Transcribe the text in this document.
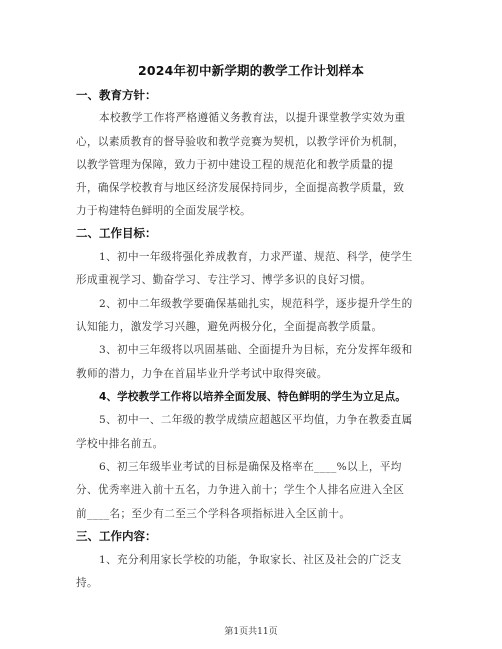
2024年初中新学期的教学工作计划样本
一、教育方针：
本校教学工作将严格遵循义务教育法，以提升课堂教学实效为重
心，以素质教育的督导验收和教学竞赛为契机，以教学评价为机制，
以教学管理为保障，致力于初中建设工程的规范化和教学质量的提
升，确保学校教育与地区经济发展保持同步，全面提高教学质量，致
力于构建特色鲜明的全面发展学校。
二、工作目标：
1、初中一年级将强化养成教育，力求严谨、规范、科学，使学生
形成重视学习、勤奋学习、专注学习、博学多识的良好习惯。
2、初中二年级教学要确保基础扎实，规范科学，逐步提升学生的
认知能力，激发学习兴趣，避免两极分化，全面提高教学质量。
3、初中三年级将以巩固基础、全面提升为目标，充分发挥年级和
教师的潜力，力争在首届毕业升学考试中取得突破。
4、学校教学工作将以培养全面发展、特色鲜明的学生为立足点。
5、初中一、二年级的教学成绩应超越区平均值，力争在教委直属
学校中排名前五。
6、初三年级毕业考试的目标是确保及格率在____%以上，平均
分、优秀率进入前十五名，力争进入前十；学生个人排名应进入全区
前____名；至少有二至三个学科各项指标进入全区前十。
三、工作内容：
1、充分利用家长学校的功能，争取家长、社区及社会的广泛支
持。
第1页共11页
